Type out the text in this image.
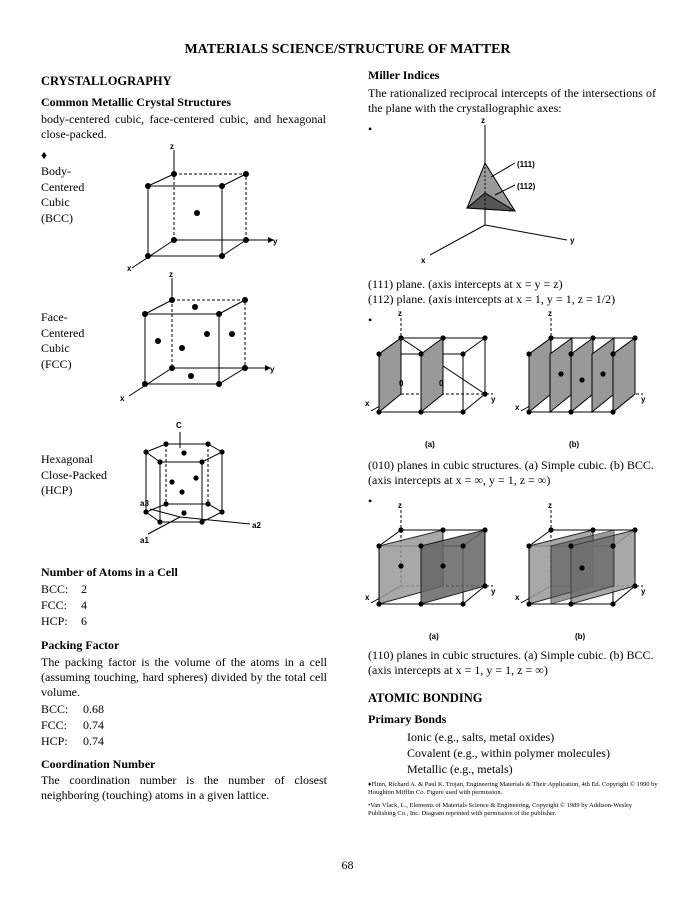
MATERIALS SCIENCE/STRUCTURE OF MATTER
CRYSTALLOGRAPHY
Common Metallic Crystal Structures
body-centered cubic, face-centered cubic, and hexagonal close-packed.
♦
Body-
Centered
Cubic
(BCC)
Face-
Centered
Cubic
(FCC)
Hexagonal
Close-Packed
(HCP)
z
y
x
z
y
x
C
a2
a1
a3
Number of Atoms in a Cell
BCC:	2
FCC:	4
HCP:	6
Packing Factor
The packing factor is the volume of the atoms in a cell (assuming touching, hard spheres) divided by the total cell volume.
BCC:	0.68
FCC:	0.74
HCP:	0.74
Coordination Number
The coordination number is the number of closest neighboring (touching) atoms in a given lattice.
Miller Indices
The rationalized reciprocal intercepts of the intersections of the plane with the crystallographic axes:
•
z
y
x
(111)
(112)
(111) plane. (axis intercepts at x = y = z)
(112) plane. (axis intercepts at x = 1, y = 1, z = 1/2)
•	z
y
x
0	0
(a)
z
y
x
(b)
(010) planes in cubic structures. (a) Simple cubic. (b) BCC.
(axis intercepts at x = ∞, y = 1, z = ∞)
•	z
y
x
(a)
z
y
x
(b)
(110) planes in cubic structures. (a) Simple cubic. (b) BCC.
(axis intercepts at x = 1, y = 1, z = ∞)
ATOMIC BONDING
Primary Bonds
Ionic (e.g., salts, metal oxides)
Covalent (e.g., within polymer molecules)
Metallic (e.g., metals)
♦Flinn, Richard A. & Paul K. Trojan, Engineering Materials & Their Application, 4th Ed. Copyright © 1990 by Houghton Mifflin Co. Figure used with permission.
•Van Vlack, L., Elements of Materials Science & Engineering, Copyright © 1989 by Addison-Wesley Publishing Co., Inc. Diagram reprinted with permission of the publisher.
68
